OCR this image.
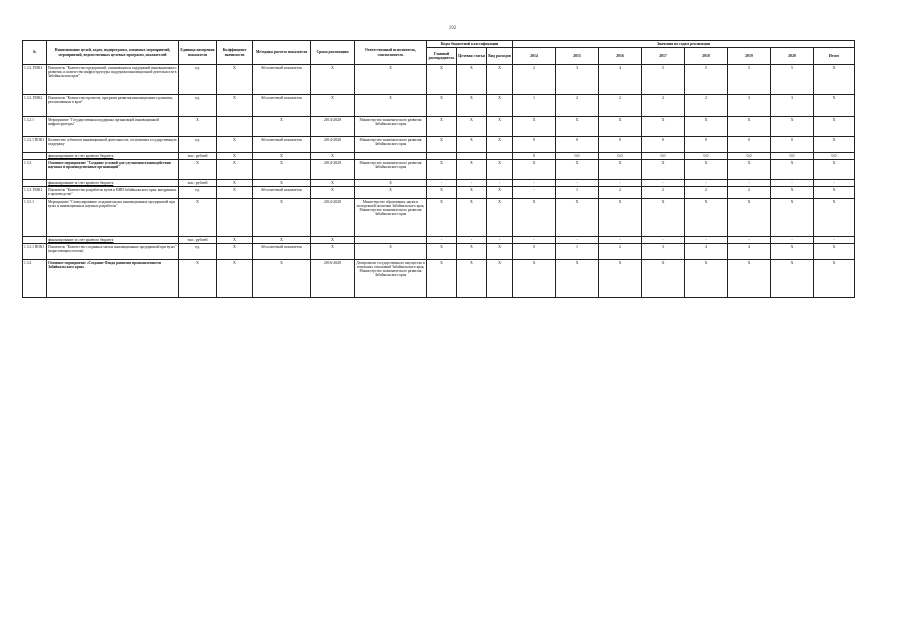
192
№	Наименование целей, задач, подпрограмм, основных мероприятий, мероприятий, ведомственных целевых программ, показателей	Единица измерения показателя	Коэффициент значимости	Методика расчета показателя	Сроки реализации	Ответственный исполнитель, соисполнитель	Коды бюджетной классификации			Значения по годам реализации							
							Главный распорядитель	Целевая статья	Вид расходов	2014	2015	2016	2017	2018	2019	2020	Итого
1.3.2. ПОК1	Показатель "Количество предприятий, занимающихся поддержкой инновационного развития, и количество инфраструктуры поддержки инновационной деятельности в Забайкальском крае"	ед.	X	Абсолютный показатель	X	X	X	X	X	2	3	4	5	5	5	5	X
1.3.2. ПОК2	Показатель "Количество проектов, программ развития инновационного развития, реализованных в крае"	ед.	X	Абсолютный показатель	X	X	X	X	X	1	2	2	2	2	3	3	X
1.3.2.1	Мероприятие "Государственная поддержка организаций инновационной инфраструктуры"	X		X	2014-2020	Министерство экономического развития Забайкальского края	X	X	X	X	X	X	X	X	X	X	X
1.3.2.1 ПОК1	Количество субъектов инновационной деятельности, получивших государственную поддержку	ед.	X	Абсолютный показатель	2014-2020	Министерство экономического развития Забайкальского края	X	X	X	0	0	0	0	0	0	0	X
	финансирование за счет краевого бюджета	тыс. рублей	X	X	X					0	0,0	0,0	0,0	0,0	0,0	0,0	0,0
1.3.3.	Основное мероприятие "Создание условий для улучшения взаимодействия научных и производственных организаций"	X	X	X	2014-2020	Министерство экономического развития Забайкальского края	X	X	X	X	X	X	X	X	X	X	X
	финансирование за счет краевого бюджета	тыс. рублей	X	X	X	X	-	-	-	-	-	-	-	-	-	-	-
1.3.3. ПОК1	Показатель "Количество разработок вузов и НИИ Забайкальского края, внедренных в производство"	ед.	X	Абсолютный показатель	X	X	X	X	X	-	1	2	2	2	2	X	X
1.3.3.1	Мероприятие "Стимулирование создания малых инновационных предприятий при вузах и инновационных научных разработок"	X		X	2014-2020	Министерство образования, науки и молодежной политики Забайкальского края, Министерство экономического развития Забайкальского края	X	X	X	X	X	X	X	X	X	X	X
	финансирование за счет краевого бюджета	тыс. рублей	X	X	X		-	-	-	-	-	-	-	-	-	-	-
1.3.3.1 ПОК1	Показатель "Количество созданных малых инновационных предприятий при вузах" (нарастающим итогом)	ед.	X	Абсолютный показатель	X	X	X	X	X	0	1	2	3	4	4	X	X
1.3.4	Основное мероприятие «Создание Фонда развития промышленности Забайкальского края»	X	X	X	2016-2020	Департамент государственного имущества и земельных отношений Забайкальского края, Министерство экономического развития Забайкальского края	X	X	X	X	X	X	X	X	X	X	X
